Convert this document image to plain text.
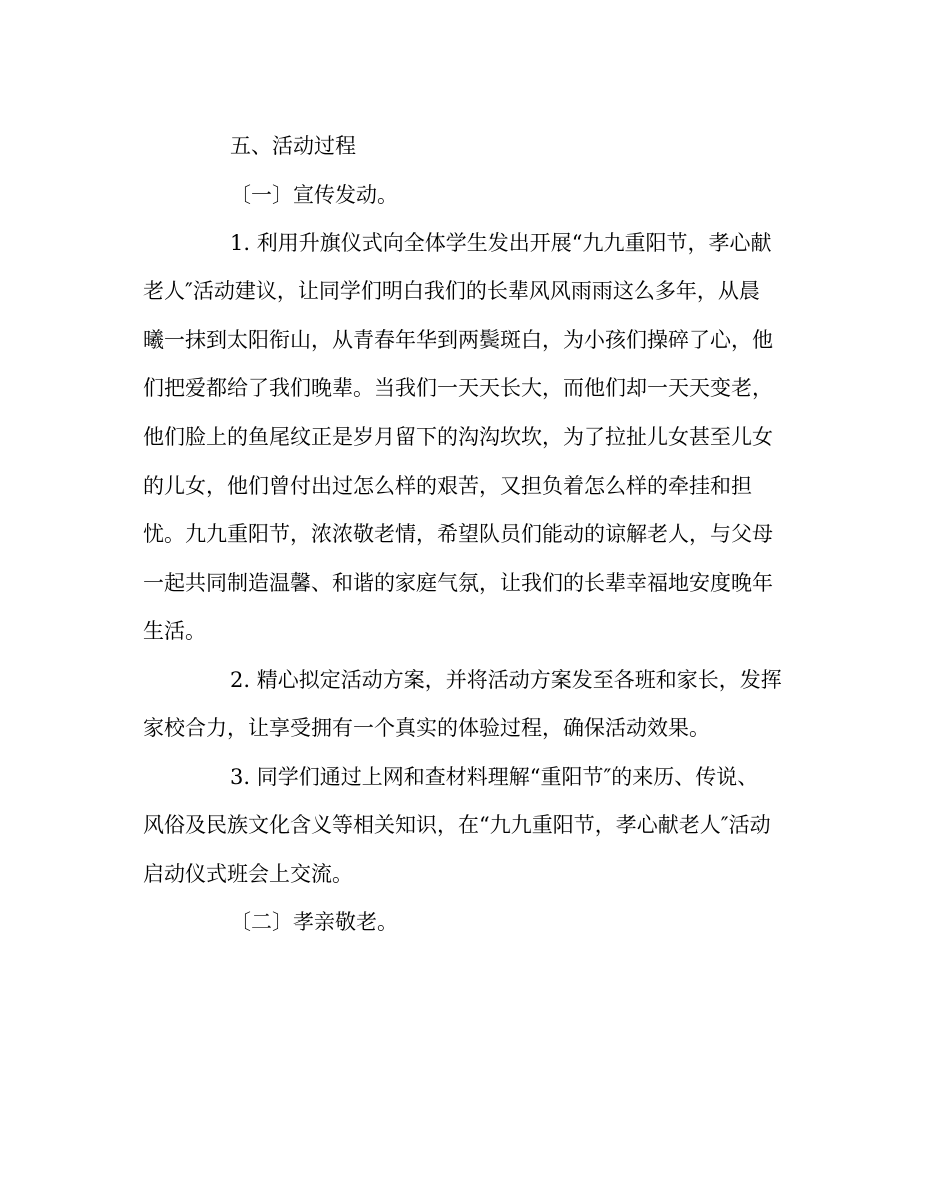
五、活动过程

〔一〕宣传发动。

1. 利用升旗仪式向全体学生发出开展“九九重阳节，孝心献

老人″活动建议，让同学们明白我们的长辈风风雨雨这么多年，从晨

曦一抹到太阳衔山，从青春年华到两鬓斑白，为小孩们操碎了心，他

们把爱都给了我们晚辈。当我们一天天长大，而他们却一天天变老，

他们脸上的鱼尾纹正是岁月留下的沟沟坎坎，为了拉扯儿女甚至儿女

的儿女，他们曾付出过怎么样的艰苦，又担负着怎么样的牵挂和担

忧。九九重阳节，浓浓敬老情，希望队员们能动的谅解老人，与父母

一起共同制造温馨、和谐的家庭气氛，让我们的长辈幸福地安度晚年

生活。

2. 精心拟定活动方案，并将活动方案发至各班和家长，发挥

家校合力，让享受拥有一个真实的体验过程，确保活动效果。

3. 同学们通过上网和查材料理解“重阳节″的来历、传说、

风俗及民族文化含义等相关知识，在“九九重阳节，孝心献老人″活动

启动仪式班会上交流。

〔二〕孝亲敬老。
